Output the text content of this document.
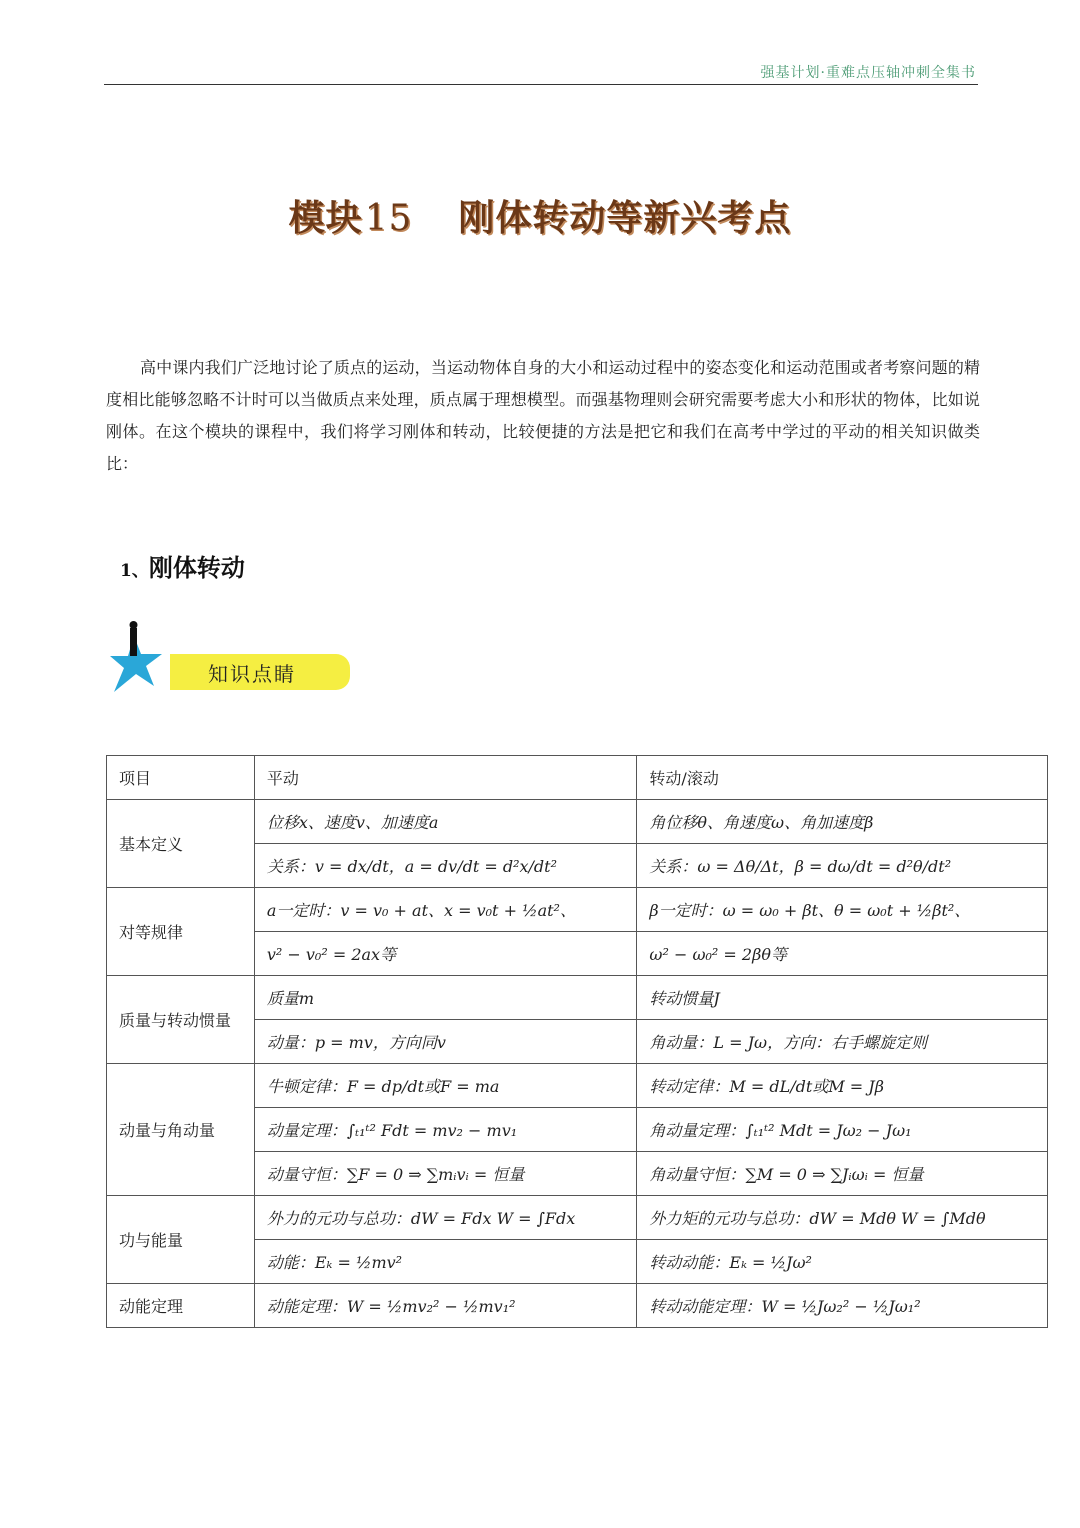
强基计划·重难点压轴冲刺全集书
模块15 刚体转动等新兴考点
高中课内我们广泛地讨论了质点的运动，当运动物体自身的大小和运动过程中的姿态变化和运动范围或者考察问题的精度相比能够忽略不计时可以当做质点来处理，质点属于理想模型。而强基物理则会研究需要考虑大小和形状的物体，比如说刚体。在这个模块的课程中，我们将学习刚体和转动，比较便捷的方法是把它和我们在高考中学过的平动的相关知识做类比：
1、刚体转动
知识点睛
项目	平动	转动/滚动
基本定义	位移x、速度v、加速度a	角位移θ、角速度ω、角加速度β
	关系：v = dx/dt，a = dv/dt = d²x/dt²	关系：ω = Δθ/Δt，β = dω/dt = d²θ/dt²
对等规律	a一定时：v = v₀ + at、x = v₀t + ½at²、	β一定时：ω = ω₀ + βt、θ = ω₀t + ½βt²、
	v² − v₀² = 2ax等	ω² − ω₀² = 2βθ等
质量与转动惯量	质量m	转动惯量J
	动量：p = mv，方向同v	角动量：L = Jω，方向：右手螺旋定则
动量与角动量	牛顿定律：F = dp/dt或F = ma	转动定律：M = dL/dt或M = Jβ
	动量定理：∫ₜ₁ᵗ² Fdt = mv₂ − mv₁	角动量定理：∫ₜ₁ᵗ² Mdt = Jω₂ − Jω₁
	动量守恒：∑F = 0 ⇒ ∑mᵢvᵢ = 恒量	角动量守恒：∑M = 0 ⇒ ∑Jᵢωᵢ = 恒量
功与能量	外力的元功与总功：dW = Fdx W = ∫Fdx	外力矩的元功与总功：dW = Mdθ W = ∫Mdθ
	动能：Eₖ = ½mv²	转动动能：Eₖ = ½Jω²
动能定理	动能定理：W = ½mv₂² − ½mv₁²	转动动能定理：W = ½Jω₂² − ½Jω₁²
